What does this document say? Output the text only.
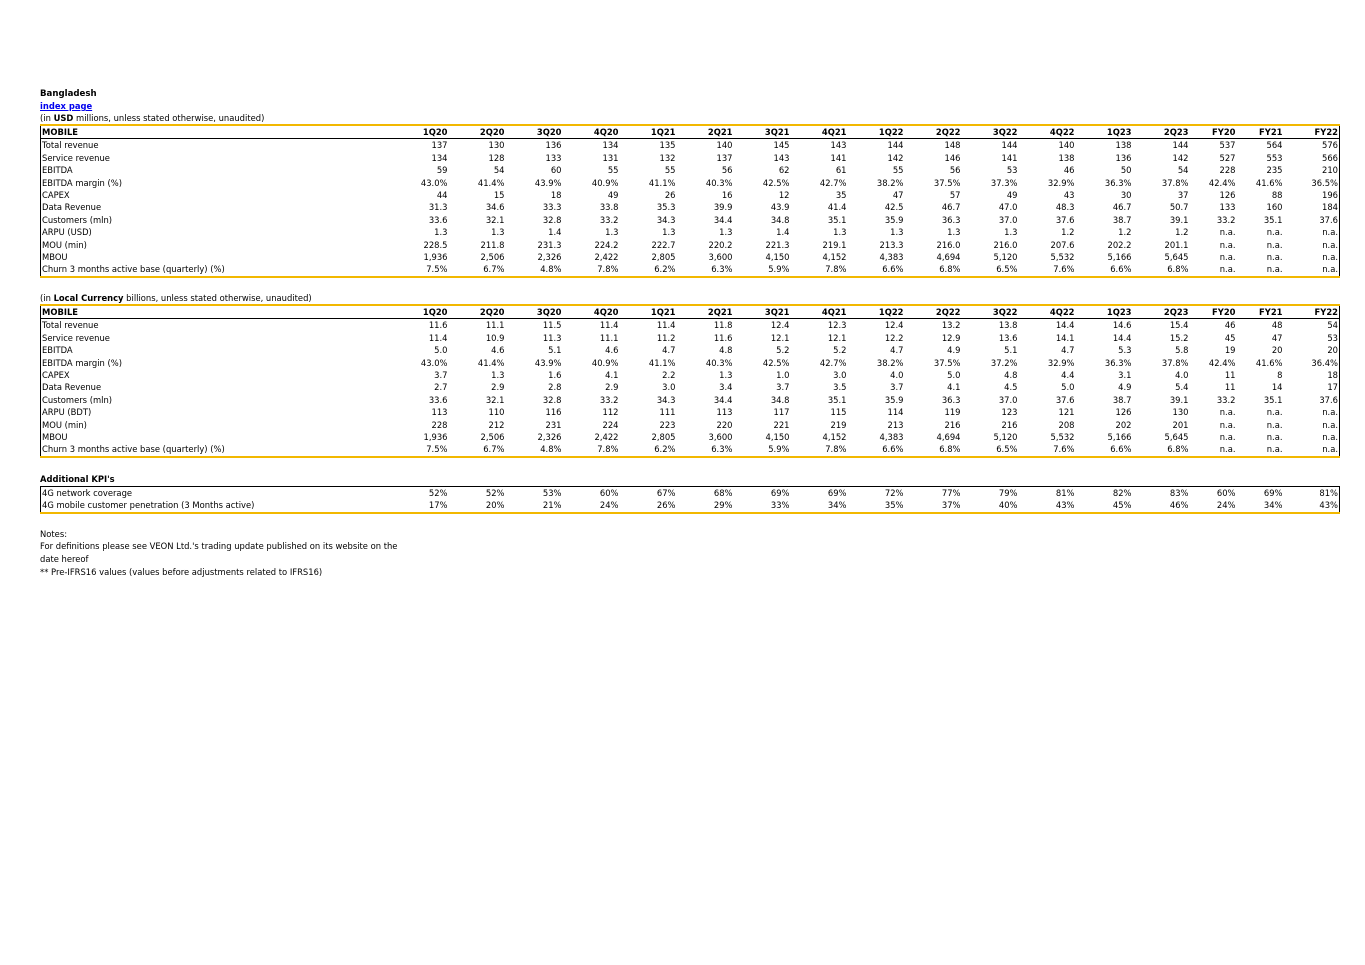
Bangladesh
index page
(in USD millions, unless stated otherwise, unaudited)
MOBILE	1Q20	2Q20	3Q20	4Q20	1Q21	2Q21	3Q21	4Q21	1Q22	2Q22	3Q22	4Q22	1Q23	2Q23	FY20	FY21	FY22
Total revenue	137	130	136	134	135	140	145	143	144	148	144	140	138	144	537	564	576
Service revenue	134	128	133	131	132	137	143	141	142	146	141	138	136	142	527	553	566
EBITDA	59	54	60	55	55	56	62	61	55	56	53	46	50	54	228	235	210
EBITDA margin (%)	43.0%	41.4%	43.9%	40.9%	41.1%	40.3%	42.5%	42.7%	38.2%	37.5%	37.3%	32.9%	36.3%	37.8%	42.4%	41.6%	36.5%
CAPEX	44	15	18	49	26	16	12	35	47	57	49	43	30	37	126	88	196
Data Revenue	31.3	34.6	33.3	33.8	35.3	39.9	43.9	41.4	42.5	46.7	47.0	48.3	46.7	50.7	133	160	184
Customers (mln)	33.6	32.1	32.8	33.2	34.3	34.4	34.8	35.1	35.9	36.3	37.0	37.6	38.7	39.1	33.2	35.1	37.6
ARPU (USD)	1.3	1.3	1.4	1.3	1.3	1.3	1.4	1.3	1.3	1.3	1.3	1.2	1.2	1.2	n.a.	n.a.	n.a.
MOU (min)	228.5	211.8	231.3	224.2	222.7	220.2	221.3	219.1	213.3	216.0	216.0	207.6	202.2	201.1	n.a.	n.a.	n.a.
MBOU	1,936	2,506	2,326	2,422	2,805	3,600	4,150	4,152	4,383	4,694	5,120	5,532	5,166	5,645	n.a.	n.a.	n.a.
Churn 3 months active base (quarterly) (%)	7.5%	6.7%	4.8%	7.8%	6.2%	6.3%	5.9%	7.8%	6.6%	6.8%	6.5%	7.6%	6.6%	6.8%	n.a.	n.a.	n.a.
(in Local Currency billions, unless stated otherwise, unaudited)
MOBILE	1Q20	2Q20	3Q20	4Q20	1Q21	2Q21	3Q21	4Q21	1Q22	2Q22	3Q22	4Q22	1Q23	2Q23	FY20	FY21	FY22
Total revenue	11.6	11.1	11.5	11.4	11.4	11.8	12.4	12.3	12.4	13.2	13.8	14.4	14.6	15.4	46	48	54
Service revenue	11.4	10.9	11.3	11.1	11.2	11.6	12.1	12.1	12.2	12.9	13.6	14.1	14.4	15.2	45	47	53
EBITDA	5.0	4.6	5.1	4.6	4.7	4.8	5.2	5.2	4.7	4.9	5.1	4.7	5.3	5.8	19	20	20
EBITDA margin (%)	43.0%	41.4%	43.9%	40.9%	41.1%	40.3%	42.5%	42.7%	38.2%	37.5%	37.2%	32.9%	36.3%	37.8%	42.4%	41.6%	36.4%
CAPEX	3.7	1.3	1.6	4.1	2.2	1.3	1.0	3.0	4.0	5.0	4.8	4.4	3.1	4.0	11	8	18
Data Revenue	2.7	2.9	2.8	2.9	3.0	3.4	3.7	3.5	3.7	4.1	4.5	5.0	4.9	5.4	11	14	17
Customers (mln)	33.6	32.1	32.8	33.2	34.3	34.4	34.8	35.1	35.9	36.3	37.0	37.6	38.7	39.1	33.2	35.1	37.6
ARPU (BDT)	113	110	116	112	111	113	117	115	114	119	123	121	126	130	n.a.	n.a.	n.a.
MOU (min)	228	212	231	224	223	220	221	219	213	216	216	208	202	201	n.a.	n.a.	n.a.
MBOU	1,936	2,506	2,326	2,422	2,805	3,600	4,150	4,152	4,383	4,694	5,120	5,532	5,166	5,645	n.a.	n.a.	n.a.
Churn 3 months active base (quarterly) (%)	7.5%	6.7%	4.8%	7.8%	6.2%	6.3%	5.9%	7.8%	6.6%	6.8%	6.5%	7.6%	6.6%	6.8%	n.a.	n.a.	n.a.
Additional KPI's
4G network coverage	52%	52%	53%	60%	67%	68%	69%	69%	72%	77%	79%	81%	82%	83%	60%	69%	81%
4G mobile customer penetration (3 Months active)	17%	20%	21%	24%	26%	29%	33%	34%	35%	37%	40%	43%	45%	46%	24%	34%	43%
Notes:
For definitions please see VEON Ltd.'s trading update published on its website on the
date hereof
** Pre-IFRS16 values (values before adjustments related to IFRS16)
